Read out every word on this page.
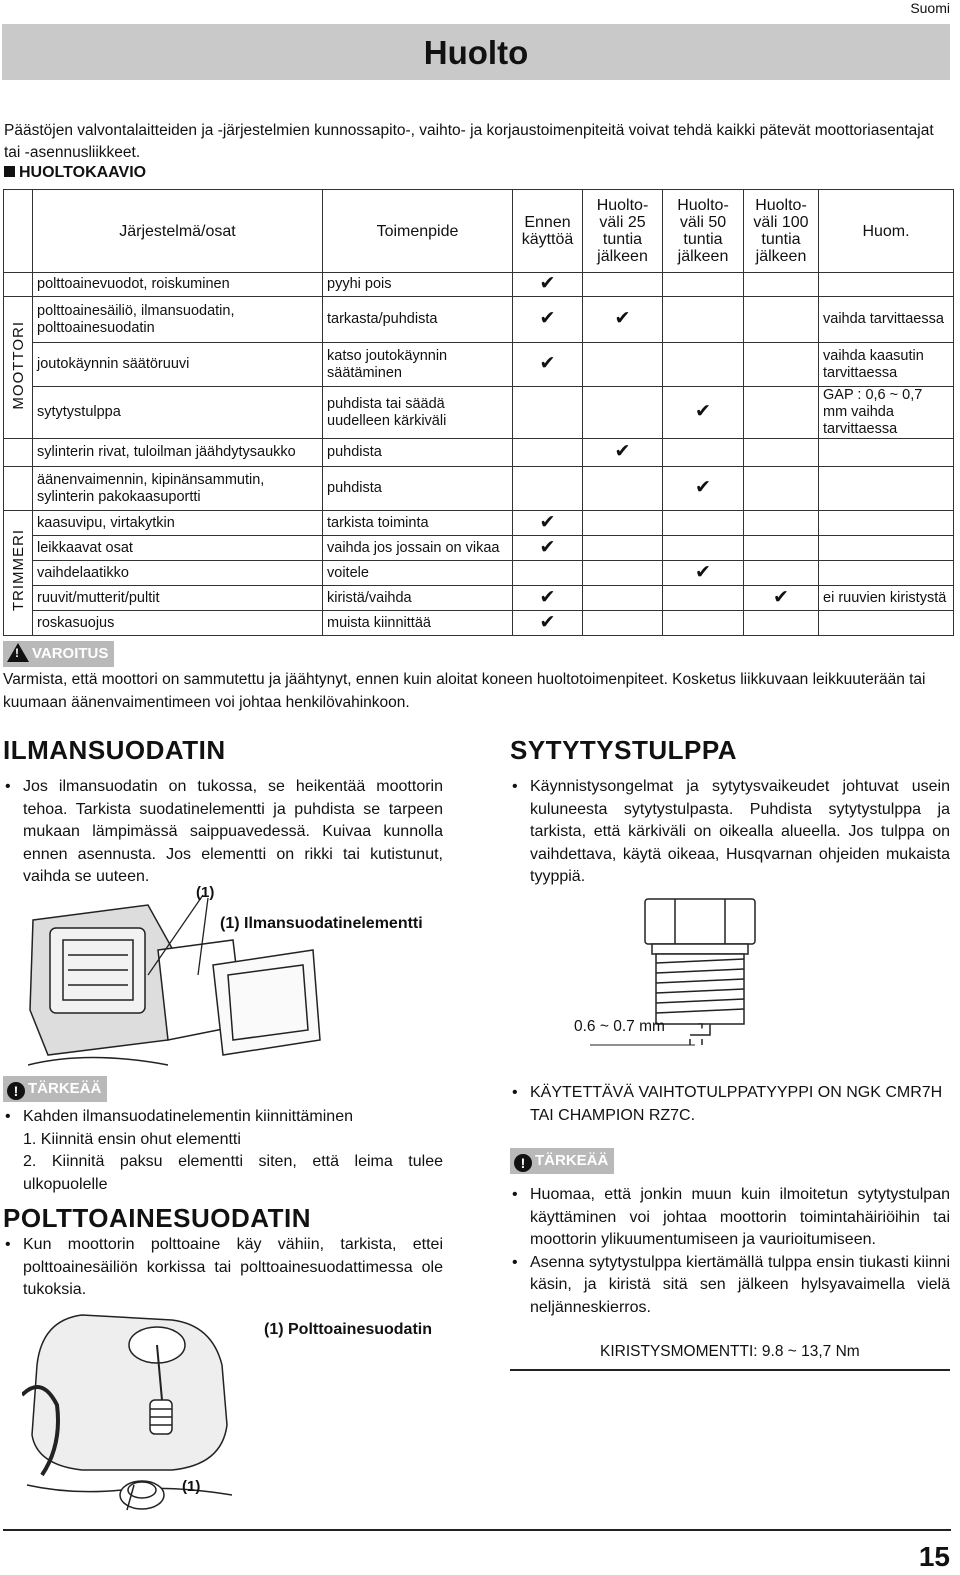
Suomi
Huolto
Päästöjen valvontalaitteiden ja -järjestelmien kunnossapito-, vaihto- ja korjaustoimenpiteitä voivat tehdä kaikki pätevät moottoriasentajat tai -asennusliikkeet.
HUOLTOKAAVIO
	Järjestelmä/osat	Toimenpide	Ennen käyttöä	Huolto-väli 25 tuntia jälkeen	Huolto-väli 50 tuntia jälkeen	Huolto-väli 100 tuntia jälkeen	Huom.
	polttoainevuodot, roiskuminen	pyyhi pois	✔				
MOOTTORI	polttoainesäiliö, ilmansuodatin, polttoainesuodatin	tarkasta/puhdista	✔	✔			vaihda tarvittaessa
	joutokäynnin säätöruuvi	katso joutokäynnin säätäminen	✔				vaihda kaasutin tarvittaessa
	sytytystulppa	puhdista tai säädä uudelleen kärkiväli			✔		GAP : 0,6 ~ 0,7 mm vaihda tarvittaessa
	sylinterin rivat, tuloilman jäähdytysaukko	puhdista		✔			
	äänenvaimennin, kipinänsammutin, sylinterin pakokaasuportti	puhdista			✔		
TRIMMERI	kaasuvipu, virtakytkin	tarkista toiminta	✔				
	leikkaavat osat	vaihda jos jossain on vikaa	✔				
	vaihdelaatikko	voitele			✔		
	ruuvit/mutterit/pultit	kiristä/vaihda	✔			✔	ei ruuvien kiristystä
	roskasuojus	muista kiinnittää	✔				
! VAROITUS
Varmista, että moottori on sammutettu ja jäähtynyt, ennen kuin aloitat koneen huoltotoimenpiteet. Kosketus liikkuvaan leikkuuterään tai kuumaan äänenvaimentimeen voi johtaa henkilövahinkoon.
ILMANSUODATIN
• Jos ilmansuodatin on tukossa, se heikentää moottorin tehoa. Tarkista suodatinelementti ja puhdista se tarpeen mukaan lämpimässä saippuavedessä. Kuivaa kunnolla ennen asennusta. Jos elementti on rikki tai kutistunut, vaihda se uuteen.
(1)
(1) Ilmansuodatinelementti
! TÄRKEÄÄ
• Kahden ilmansuodatinelementin kiinnittäminen
1. Kiinnitä ensin ohut elementti
2. Kiinnitä paksu elementti siten, että leima tulee ulkopuolelle
POLTTOAINESUODATIN
• Kun moottorin polttoaine käy vähiin, tarkista, ettei polttoainesäiliön korkissa tai polttoainesuodattimessa ole tukoksia.
(1) Polttoainesuodatin
(1)
SYTYTYSTULPPA
• Käynnistysongelmat ja sytytysvaikeudet johtuvat usein kuluneesta sytytystulpasta. Puhdista sytytystulppa ja tarkista, että kärkiväli on oikealla alueella. Jos tulppa on vaihdettava, käytä oikeaa, Husqvarnan ohjeiden mukaista tyyppiä.
0.6 ~ 0.7 mm
• KÄYTETTÄVÄ VAIHTOTULPPATYYPPI ON NGK CMR7H TAI CHAMPION RZ7C.
! TÄRKEÄÄ
• Huomaa, että jonkin muun kuin ilmoitetun sytytystulpan käyttäminen voi johtaa moottorin toimintahäiriöihin tai moottorin ylikuumentumiseen ja vaurioitumiseen.
• Asenna sytytystulppa kiertämällä tulppa ensin tiukasti kiinni käsin, ja kiristä sitä sen jälkeen hylsyavaimella vielä neljänneskierros.
KIRISTYSMOMENTTI: 9.8 ~ 13,7 Nm
15
